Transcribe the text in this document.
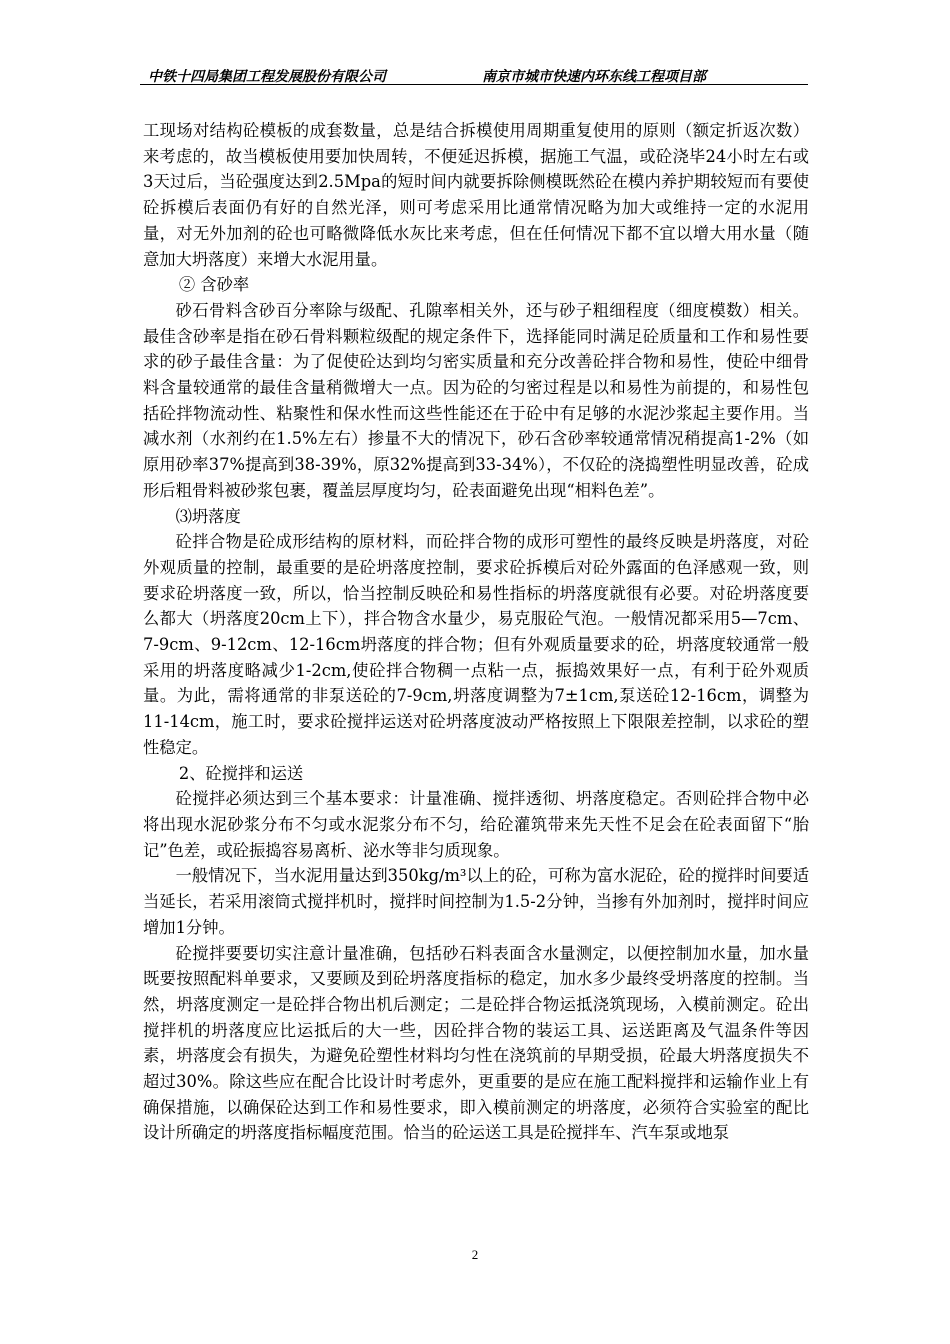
中铁十四局集团工程发展股份有限公司	南京市城市快速内环东线工程项目部

工现场对结构砼模板的成套数量，总是结合拆模使用周期重复使用的原则（额定折返次数）来考虑的，故当模板使用要加快周转，不便延迟拆模，据施工气温，或砼浇毕24小时左右或3天过后，当砼强度达到2.5Mpa的短时间内就要拆除侧模既然砼在模内养护期较短而有要使砼拆模后表面仍有好的自然光泽，则可考虑采用比通常情况略为加大或维持一定的水泥用量，对无外加剂的砼也可略微降低水灰比来考虑，但在任何情况下都不宜以增大用水量（随意加大坍落度）来增大水泥用量。

② 含砂率

砂石骨料含砂百分率除与级配、孔隙率相关外，还与砂子粗细程度（细度模数）相关。最佳含砂率是指在砂石骨料颗粒级配的规定条件下，选择能同时满足砼质量和工作和易性要求的砂子最佳含量：为了促使砼达到均匀密实质量和充分改善砼拌合物和易性，使砼中细骨料含量较通常的最佳含量稍微增大一点。因为砼的匀密过程是以和易性为前提的，和易性包括砼拌物流动性、粘聚性和保水性而这些性能还在于砼中有足够的水泥沙浆起主要作用。当减水剂（水剂约在1.5%左右）掺量不大的情况下，砂石含砂率较通常情况稍提高1-2%（如原用砂率37%提高到38-39%，原32%提高到33-34%），不仅砼的浇捣塑性明显改善，砼成形后粗骨料被砂浆包裹，覆盖层厚度均匀，砼表面避免出现“相料色差”。

⑶坍落度

砼拌合物是砼成形结构的原材料，而砼拌合物的成形可塑性的最终反映是坍落度，对砼外观质量的控制，最重要的是砼坍落度控制，要求砼拆模后对砼外露面的色泽感观一致，则要求砼坍落度一致，所以，恰当控制反映砼和易性指标的坍落度就很有必要。对砼坍落度要么都大（坍落度20cm上下），拌合物含水量少，易克服砼气泡。一般情况都采用5—7cm、7-9cm、9-12cm、12-16cm坍落度的拌合物；但有外观质量要求的砼，坍落度较通常一般采用的坍落度略减少1-2cm,使砼拌合物稠一点粘一点，振捣效果好一点，有利于砼外观质量。为此，需将通常的非泵送砼的7-9cm,坍落度调整为7±1cm,泵送砼12-16cm，调整为11-14cm，施工时，要求砼搅拌运送对砼坍落度波动严格按照上下限限差控制，以求砼的塑性稳定。

2、砼搅拌和运送

砼搅拌必须达到三个基本要求：计量准确、搅拌透彻、坍落度稳定。否则砼拌合物中必将出现水泥砂浆分布不匀或水泥浆分布不匀，给砼灌筑带来先天性不足会在砼表面留下“胎记”色差，或砼振捣容易离析、泌水等非匀质现象。

一般情况下，当水泥用量达到350kg/m³以上的砼，可称为富水泥砼，砼的搅拌时间要适当延长，若采用滚筒式搅拌机时，搅拌时间控制为1.5-2分钟，当掺有外加剂时，搅拌时间应增加1分钟。

砼搅拌要要切实注意计量准确，包括砂石料表面含水量测定，以便控制加水量，加水量既要按照配料单要求，又要顾及到砼坍落度指标的稳定，加水多少最终受坍落度的控制。当然，坍落度测定一是砼拌合物出机后测定；二是砼拌合物运抵浇筑现场，入模前测定。砼出搅拌机的坍落度应比运抵后的大一些，因砼拌合物的装运工具、运送距离及气温条件等因素，坍落度会有损失，为避免砼塑性材料均匀性在浇筑前的早期受损，砼最大坍落度损失不超过30%。除这些应在配合比设计时考虑外，更重要的是应在施工配料搅拌和运输作业上有确保措施，以确保砼达到工作和易性要求，即入模前测定的坍落度，必须符合实验室的配比设计所确定的坍落度指标幅度范围。恰当的砼运送工具是砼搅拌车、汽车泵或地泵

2
